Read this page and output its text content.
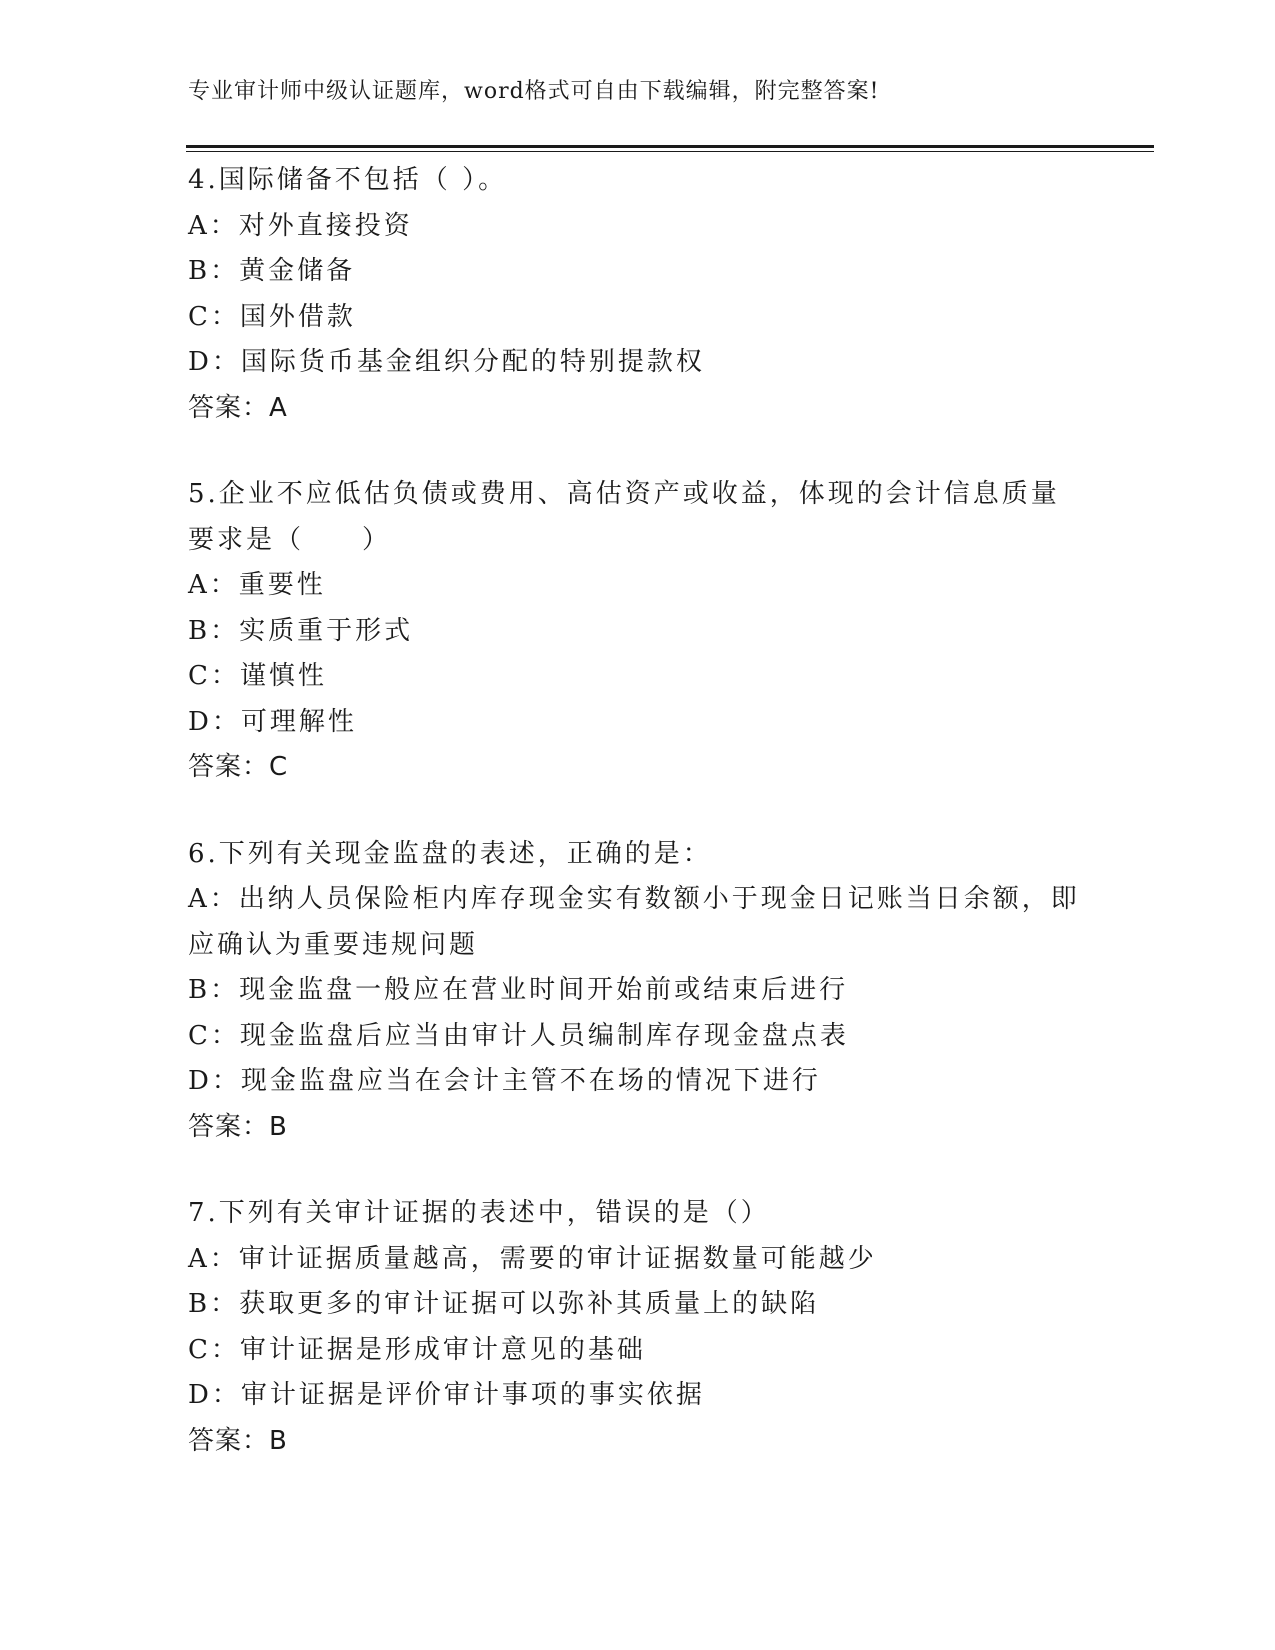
专业审计师中级认证题库，word格式可自由下载编辑，附完整答案!
4.国际储备不包括（ ）。
A：对外直接投资
B：黄金储备
C：国外借款
D：国际货币基金组织分配的特别提款权
答案：A
5.企业不应低估负债或费用、高估资产或收益，体现的会计信息质量
要求是（　　）
A：重要性
B：实质重于形式
C：谨慎性
D：可理解性
答案：C
6.下列有关现金监盘的表述，正确的是：
A：出纳人员保险柜内库存现金实有数额小于现金日记账当日余额，即
应确认为重要违规问题
B：现金监盘一般应在营业时间开始前或结束后进行
C：现金监盘后应当由审计人员编制库存现金盘点表
D：现金监盘应当在会计主管不在场的情况下进行
答案：B
7.下列有关审计证据的表述中，错误的是（）
A：审计证据质量越高，需要的审计证据数量可能越少
B：获取更多的审计证据可以弥补其质量上的缺陷
C：审计证据是形成审计意见的基础
D：审计证据是评价审计事项的事实依据
答案：B
